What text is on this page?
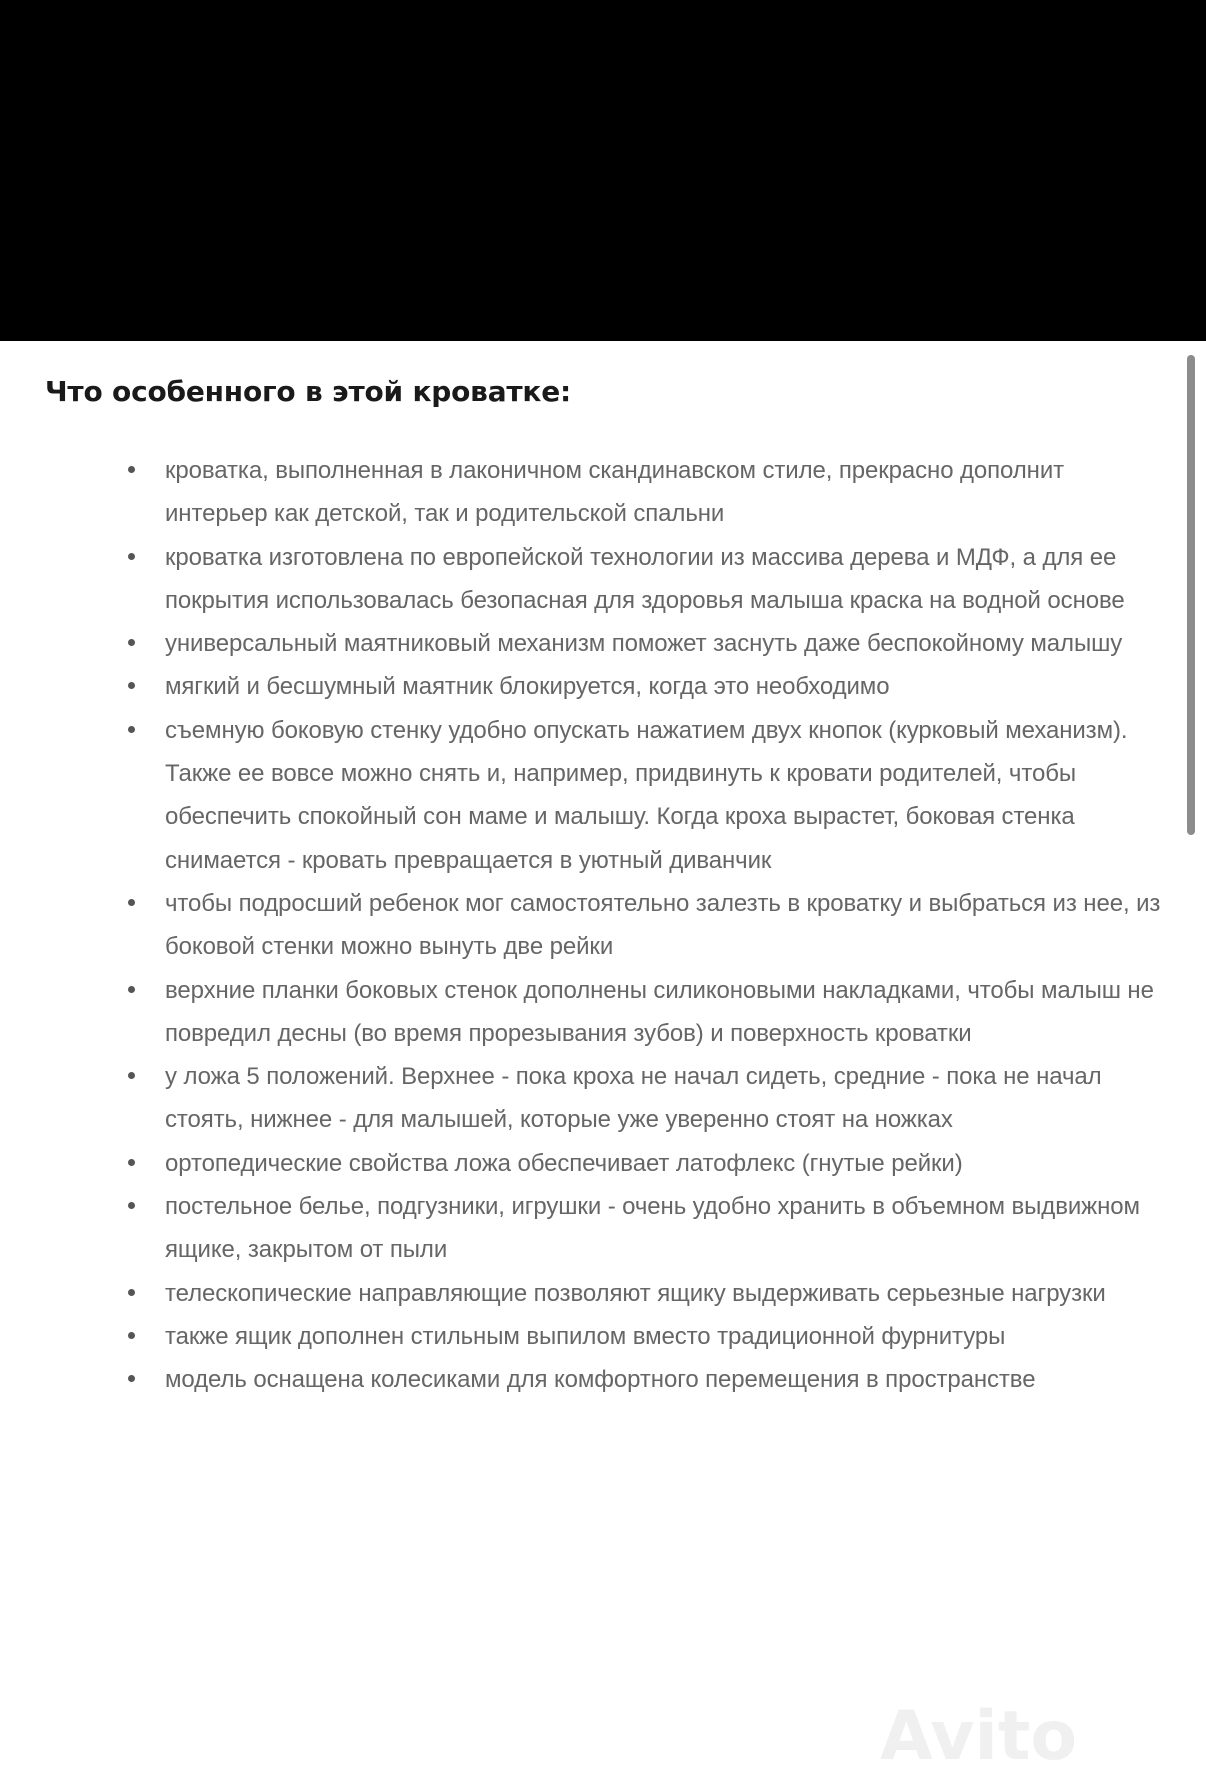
Что особенного в этой кроватке:
кроватка, выполненная в лаконичном скандинавском стиле, прекрасно дополнит интерьер как детской, так и родительской спальни
кроватка изготовлена по европейской технологии из массива дерева и МДФ, а для ее покрытия использовалась безопасная для здоровья малыша краска на водной основе
универсальный маятниковый механизм поможет заснуть даже беспокойному малышу
мягкий и бесшумный маятник блокируется, когда это необходимо
съемную боковую стенку удобно опускать нажатием двух кнопок (курковый механизм). Также ее вовсе можно снять и, например, придвинуть к кровати родителей, чтобы обеспечить спокойный сон маме и малышу. Когда кроха вырастет, боковая стенка снимается - кровать превращается в уютный диванчик
чтобы подросший ребенок мог самостоятельно залезть в кроватку и выбраться из нее, из боковой стенки можно вынуть две рейки
верхние планки боковых стенок дополнены силиконовыми накладками, чтобы малыш не повредил десны (во время прорезывания зубов) и поверхность кроватки
у ложа 5 положений. Верхнее - пока кроха не начал сидеть, средние - пока не начал стоять, нижнее - для малышей, которые уже уверенно стоят на ножках
ортопедические свойства ложа обеспечивает латофлекс (гнутые рейки)
постельное белье, подгузники, игрушки - очень удобно хранить в объемном выдвижном ящике, закрытом от пыли
телескопические направляющие позволяют ящику выдерживать серьезные нагрузки
также ящик дополнен стильным выпилом вместо традиционной фурнитуры
модель оснащена колесиками для комфортного перемещения в пространстве
Avito
